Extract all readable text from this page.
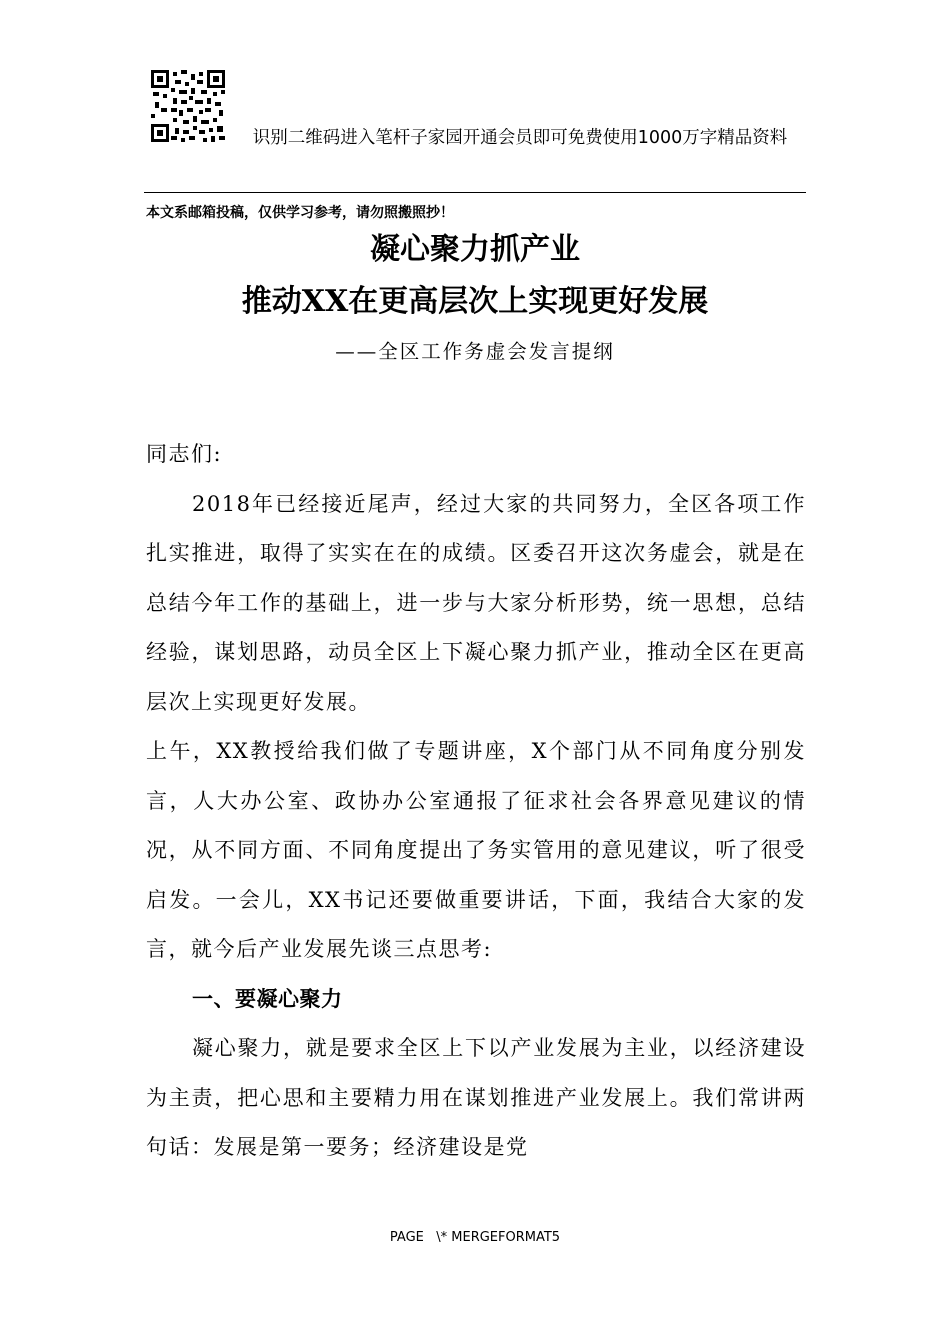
识别二维码进入笔杆子家园开通会员即可免费使用1000万字精品资料
本文系邮箱投稿，仅供学习参考，请勿照搬照抄！
凝心聚力抓产业
推动XX在更高层次上实现更好发展
——全区工作务虚会发言提纲

同志们:

2018年已经接近尾声，经过大家的共同努力，全区各项工作扎实推进，取得了实实在在的成绩。区委召开这次务虚会，就是在总结今年工作的基础上，进一步与大家分析形势，统一思想，总结经验，谋划思路，动员全区上下凝心聚力抓产业，推动全区在更高层次上实现更好发展。

上午，XX教授给我们做了专题讲座，X个部门从不同角度分别发言，人大办公室、政协办公室通报了征求社会各界意见建议的情况，从不同方面、不同角度提出了务实管用的意见建议，听了很受启发。一会儿，XX书记还要做重要讲话，下面，我结合大家的发言，就今后产业发展先谈三点思考:

一、要凝心聚力

凝心聚力，就是要求全区上下以产业发展为主业，以经济建设为主责，把心思和主要精力用在谋划推进产业发展上。我们常讲两句话：发展是第一要务；经济建设是党

PAGE   \* MERGEFORMAT5
